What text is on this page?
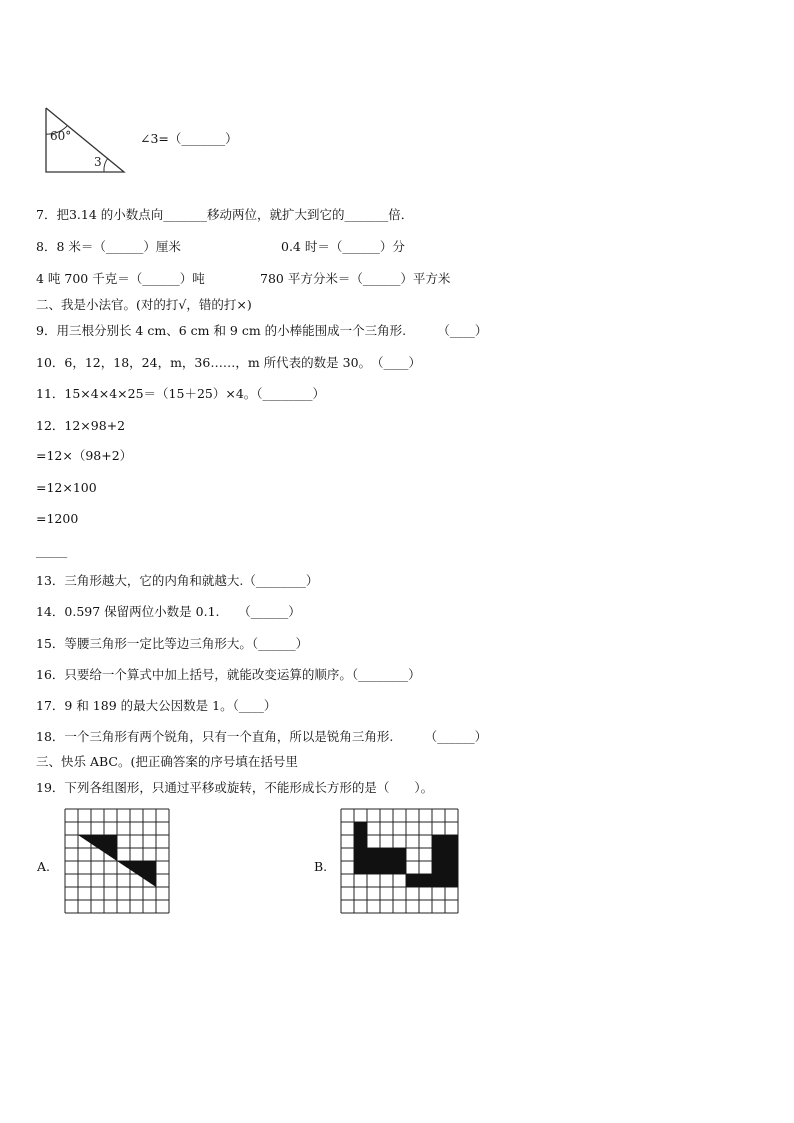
60°
3
∠3=（_______）
7．把3.14 的小数点向_______移动两位，就扩大到它的_______倍．
8．8 米＝（______）厘米	0.4 时＝（______）分
4 吨 700 千克＝（______）吨	780 平方分米＝（______）平方米
二、我是小法官。(对的打√，错的打×)
9．用三根分别长 4 cm、6 cm 和 9 cm 的小棒能围成一个三角形.　　　（____）
10．6，12，18，24，m，36……，m 所代表的数是 30。　（____）
11．15×4×4×25＝（15＋25）×4。（________）
12．12×98+2
=12×（98+2）
=12×100
=1200
_____
13．三角形越大，它的内角和就越大.（________）
14．0.597 保留两位小数是 0.1.　　（______）
15．等腰三角形一定比等边三角形大。（______）
16．只要给一个算式中加上括号，就能改变运算的顺序。（________）
17．9 和 189 的最大公因数是 1。（____）
18．一个三角形有两个锐角，只有一个直角，所以是锐角三角形.　　　（______）
三、快乐 ABC。(把正确答案的序号填在括号里
19．下列各组图形，只通过平移或旋转，不能形成长方形的是（　　）。
A.	B.
